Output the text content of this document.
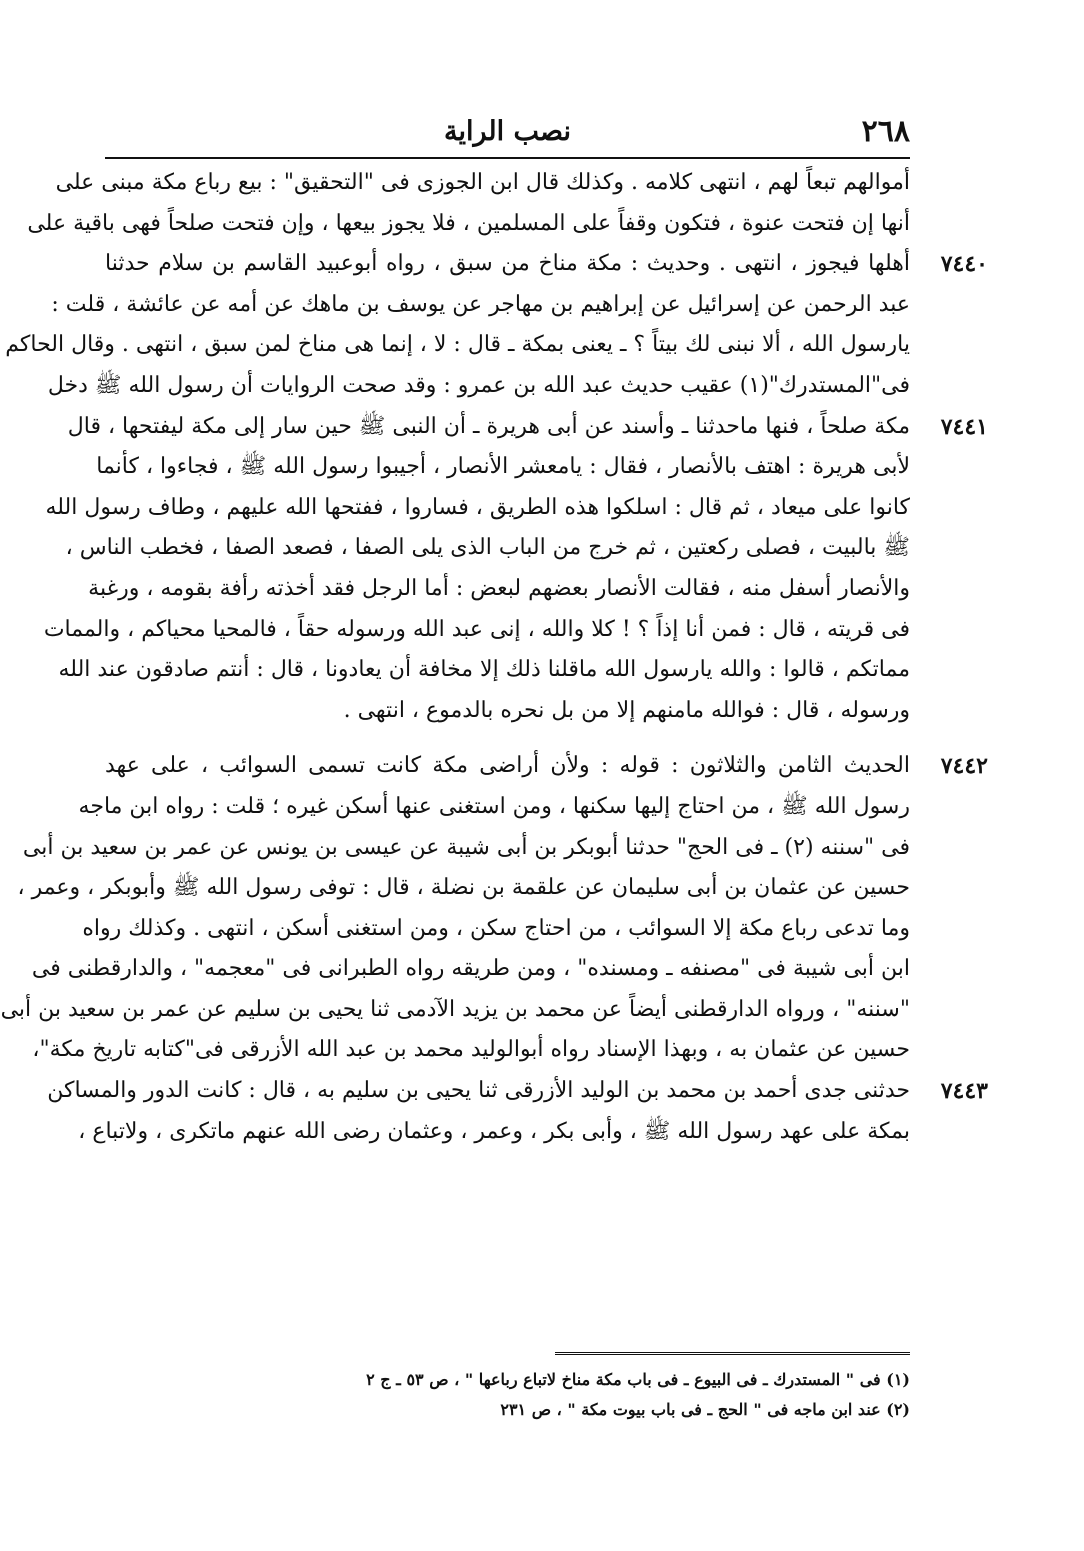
٢٦٨
نصب الراية
أموالهم تبعاً لهم ، انتهى كلامه . وكذلك قال ابن الجوزى فى "التحقيق" : بيع رباع مكة مبنى على
أنها إن فتحت عنوة ، فتكون وقفاً على المسلمين ، فلا يجوز بيعها ، وإن فتحت صلحاً فهى باقية على
٧٤٤٠
أهلها فيجوز ، انتهى . وحديث : مكة مناخ من سبق ، رواه أبوعبيد القاسم بن سلام حدثنا
عبد الرحمن عن إسرائيل عن إبراهيم بن مهاجر عن يوسف بن ماهك عن أمه عن عائشة ، قلت :
يارسول الله ، ألا نبنى لك بيتاً ؟ ـ يعنى بمكة ـ قال : لا ، إنما هى مناخ لمن سبق ، انتهى . وقال الحاكم
فى"المستدرك"(١) عقيب حديث عبد الله بن عمرو : وقد صحت الروايات أن رسول الله ﷺ دخل
٧٤٤١
مكة صلحاً ، فنها ماحدثنا ـ وأسند عن أبى هريرة ـ أن النبى ﷺ حين سار إلى مكة ليفتحها ، قال
لأبى هريرة : اهتف بالأنصار ، فقال : يامعشر الأنصار ، أجيبوا رسول الله ﷺ ، فجاءوا ، كأنما
كانوا على ميعاد ، ثم قال : اسلكوا هذه الطريق ، فساروا ، ففتحها الله عليهم ، وطاف رسول الله
ﷺ بالبيت ، فصلى ركعتين ، ثم خرج من الباب الذى يلى الصفا ، فصعد الصفا ، فخطب الناس ،
والأنصار أسفل منه ، فقالت الأنصار بعضهم لبعض : أما الرجل فقد أخذته رأفة بقومه ، ورغبة
فى قريته ، قال : فمن أنا إذاً ؟ ! كلا والله ، إنى عبد الله ورسوله حقاً ، فالمحيا محياكم ، والممات
مماتكم ، قالوا : والله يارسول الله ماقلنا ذلك إلا مخافة أن يعادونا ، قال : أنتم صادقون عند الله
ورسوله ، قال : فوالله مامنهم إلا من بل نحره بالدموع ، انتهى .
٧٤٤٢
الحديث الثامن والثلاثون : قوله : ولأن أراضى مكة كانت تسمى السوائب ، على عهد
رسول الله ﷺ ، من احتاج إليها سكنها ، ومن استغنى عنها أسكن غيره ؛ قلت : رواه ابن ماجه
فى "سننه (٢) ـ فى الحج" حدثنا أبوبكر بن أبى شيبة عن عيسى بن يونس عن عمر بن سعيد بن أبى
حسين عن عثمان بن أبى سليمان عن علقمة بن نضلة ، قال : توفى رسول الله ﷺ وأبوبكر ، وعمر ،
وما تدعى رباع مكة إلا السوائب ، من احتاج سكن ، ومن استغنى أسكن ، انتهى . وكذلك رواه
ابن أبى شيبة فى "مصنفه ـ ومسنده" ، ومن طريقه رواه الطبرانى فى "معجمه" ، والدارقطنى فى
"سننه" ، ورواه الدارقطنى أيضاً عن محمد بن يزيد الآدمى ثنا يحيى بن سليم عن عمر بن سعيد بن أبى
حسين عن عثمان به ، وبهذا الإسناد رواه أبوالوليد محمد بن عبد الله الأزرقى فى"كتابه تاريخ مكة"،
٧٤٤٣
حدثنى جدى أحمد بن محمد بن الوليد الأزرقى ثنا يحيى بن سليم به ، قال : كانت الدور والمساكن
بمكة على عهد رسول الله ﷺ ، وأبى بكر ، وعمر ، وعثمان رضى الله عنهم ماتكرى ، ولاتباع ،
(١) فى " المستدرك ـ فى البيوع ـ فى باب مكة مناخ لاتباع رباعها " ، ص ٥٣ ـ ج ٢
(٢) عند ابن ماجه فى " الحج ـ فى باب بيوت مكة " ، ص ٢٣١
